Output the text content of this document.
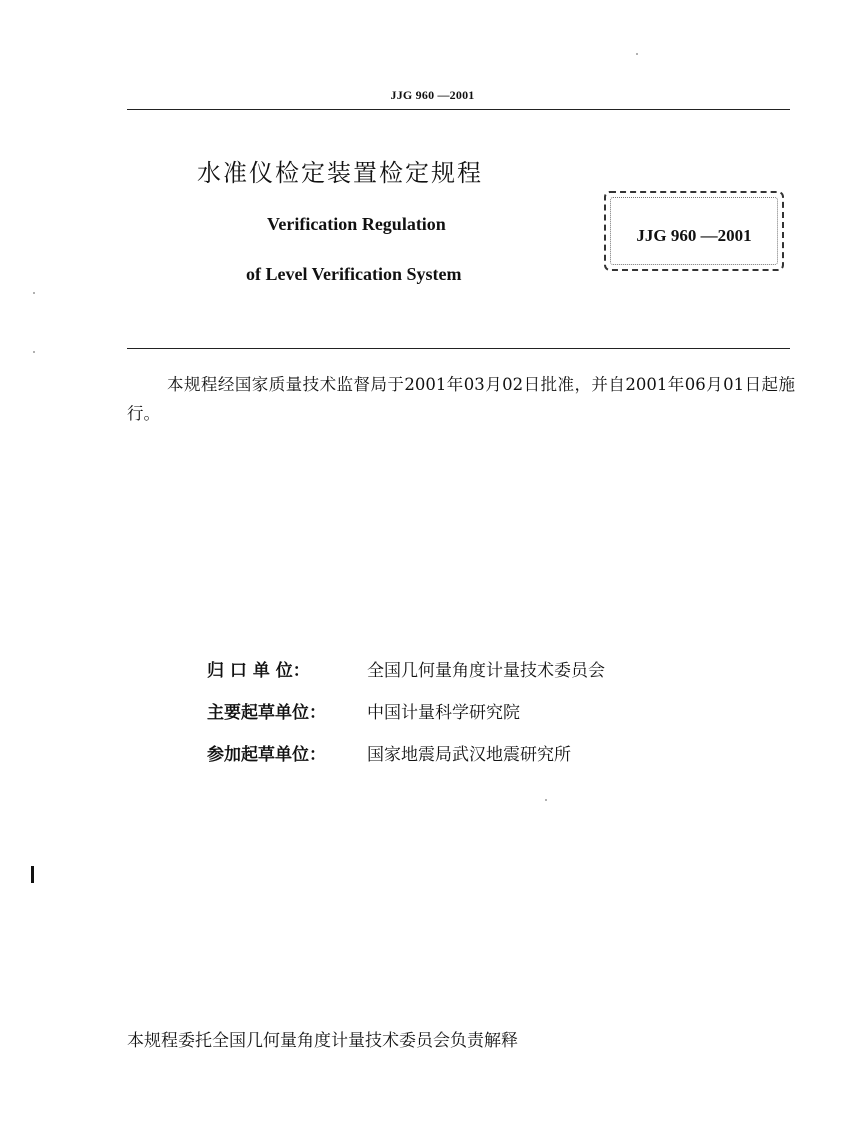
JJG 960 —2001
水准仪检定装置检定规程
Verification Regulation
of Level Verification System
JJG 960 —2001
本规程经国家质量技术监督局于2001年03月02日批准，并自2001年06月01日起施行。
归 口 单 位：	全国几何量角度计量技术委员会
主要起草单位： 中国计量科学研究院
参加起草单位： 国家地震局武汉地震研究所
本规程委托全国几何量角度计量技术委员会负责解释
